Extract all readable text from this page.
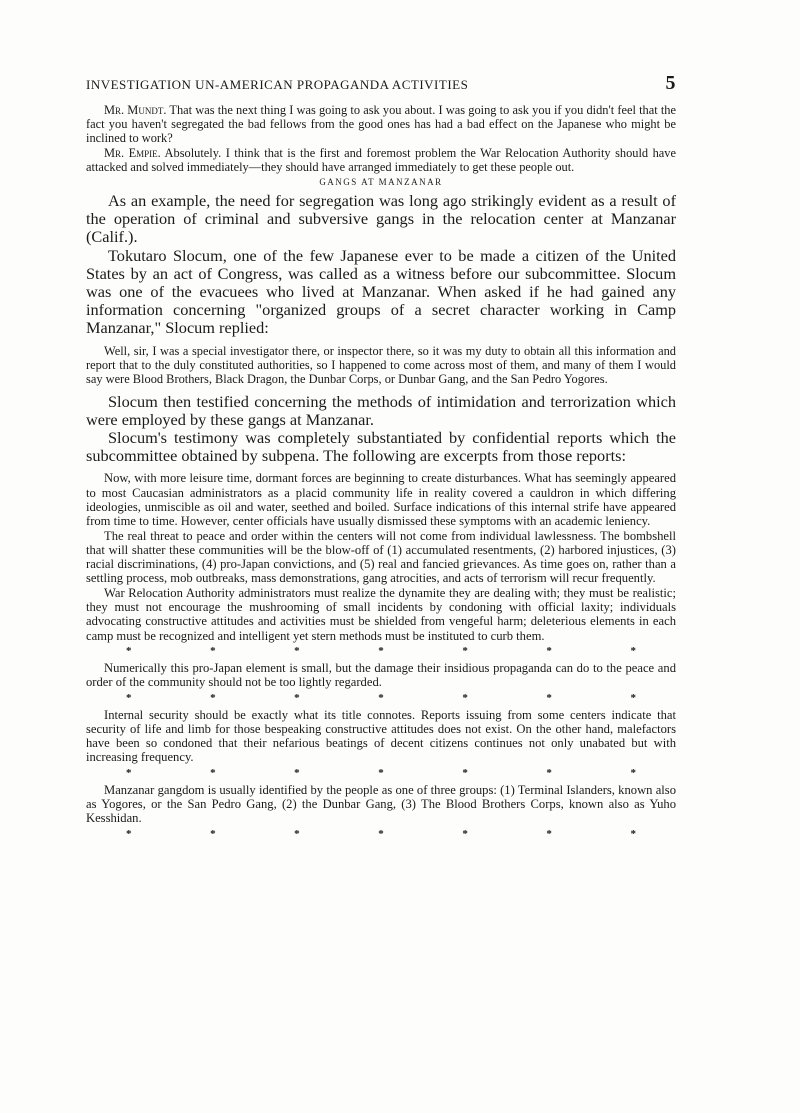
INVESTIGATION UN-AMERICAN PROPAGANDA ACTIVITIES	5

Mr. Mundt. That was the next thing I was going to ask you about. I was going to ask you if you didn't feel that the fact you haven't segregated the bad fellows from the good ones has had a bad effect on the Japanese who might be inclined to work?

Mr. Empie. Absolutely. I think that is the first and foremost problem the War Relocation Authority should have attacked and solved immediately—they should have arranged immediately to get these people out.

GANGS AT MANZANAR

As an example, the need for segregation was long ago strikingly evident as a result of the operation of criminal and subversive gangs in the relocation center at Manzanar (Calif.).

Tokutaro Slocum, one of the few Japanese ever to be made a citizen of the United States by an act of Congress, was called as a witness before our subcommittee. Slocum was one of the evacuees who lived at Manzanar. When asked if he had gained any information concerning "organized groups of a secret character working in Camp Manzanar," Slocum replied:

Well, sir, I was a special investigator there, or inspector there, so it was my duty to obtain all this information and report that to the duly constituted authorities, so I happened to come across most of them, and many of them I would say were Blood Brothers, Black Dragon, the Dunbar Corps, or Dunbar Gang, and the San Pedro Yogores.

Slocum then testified concerning the methods of intimidation and terrorization which were employed by these gangs at Manzanar.

Slocum's testimony was completely substantiated by confidential reports which the subcommittee obtained by subpena. The following are excerpts from those reports:

Now, with more leisure time, dormant forces are beginning to create disturbances. What has seemingly appeared to most Caucasian administrators as a placid community life in reality covered a cauldron in which differing ideologies, unmiscible as oil and water, seethed and boiled. Surface indications of this internal strife have appeared from time to time. However, center officials have usually dismissed these symptoms with an academic leniency.

The real threat to peace and order within the centers will not come from individual lawlessness. The bombshell that will shatter these communities will be the blow-off of (1) accumulated resentments, (2) harbored injustices, (3) racial discriminations, (4) pro-Japan convictions, and (5) real and fancied grievances. As time goes on, rather than a settling process, mob outbreaks, mass demonstrations, gang atrocities, and acts of terrorism will recur frequently.

War Relocation Authority administrators must realize the dynamite they are dealing with; they must be realistic; they must not encourage the mushrooming of small incidents by condoning with official laxity; individuals advocating constructive attitudes and activities must be shielded from vengeful harm; deleterious elements in each camp must be recognized and intelligent yet stern methods must be instituted to curb them.

*	*	*	*	*	*	*

Numerically this pro-Japan element is small, but the damage their insidious propaganda can do to the peace and order of the community should not be too lightly regarded.

*	*	*	*	*	*	*

Internal security should be exactly what its title connotes. Reports issuing from some centers indicate that security of life and limb for those bespeaking constructive attitudes does not exist. On the other hand, malefactors have been so condoned that their nefarious beatings of decent citizens continues not only unabated but with increasing frequency.

*	*	*	*	*	*	*

Manzanar gangdom is usually identified by the people as one of three groups: (1) Terminal Islanders, known also as Yogores, or the San Pedro Gang, (2) the Dunbar Gang, (3) The Blood Brothers Corps, known also as Yuho Kesshidan.

*	*	*	*	*	*	*
